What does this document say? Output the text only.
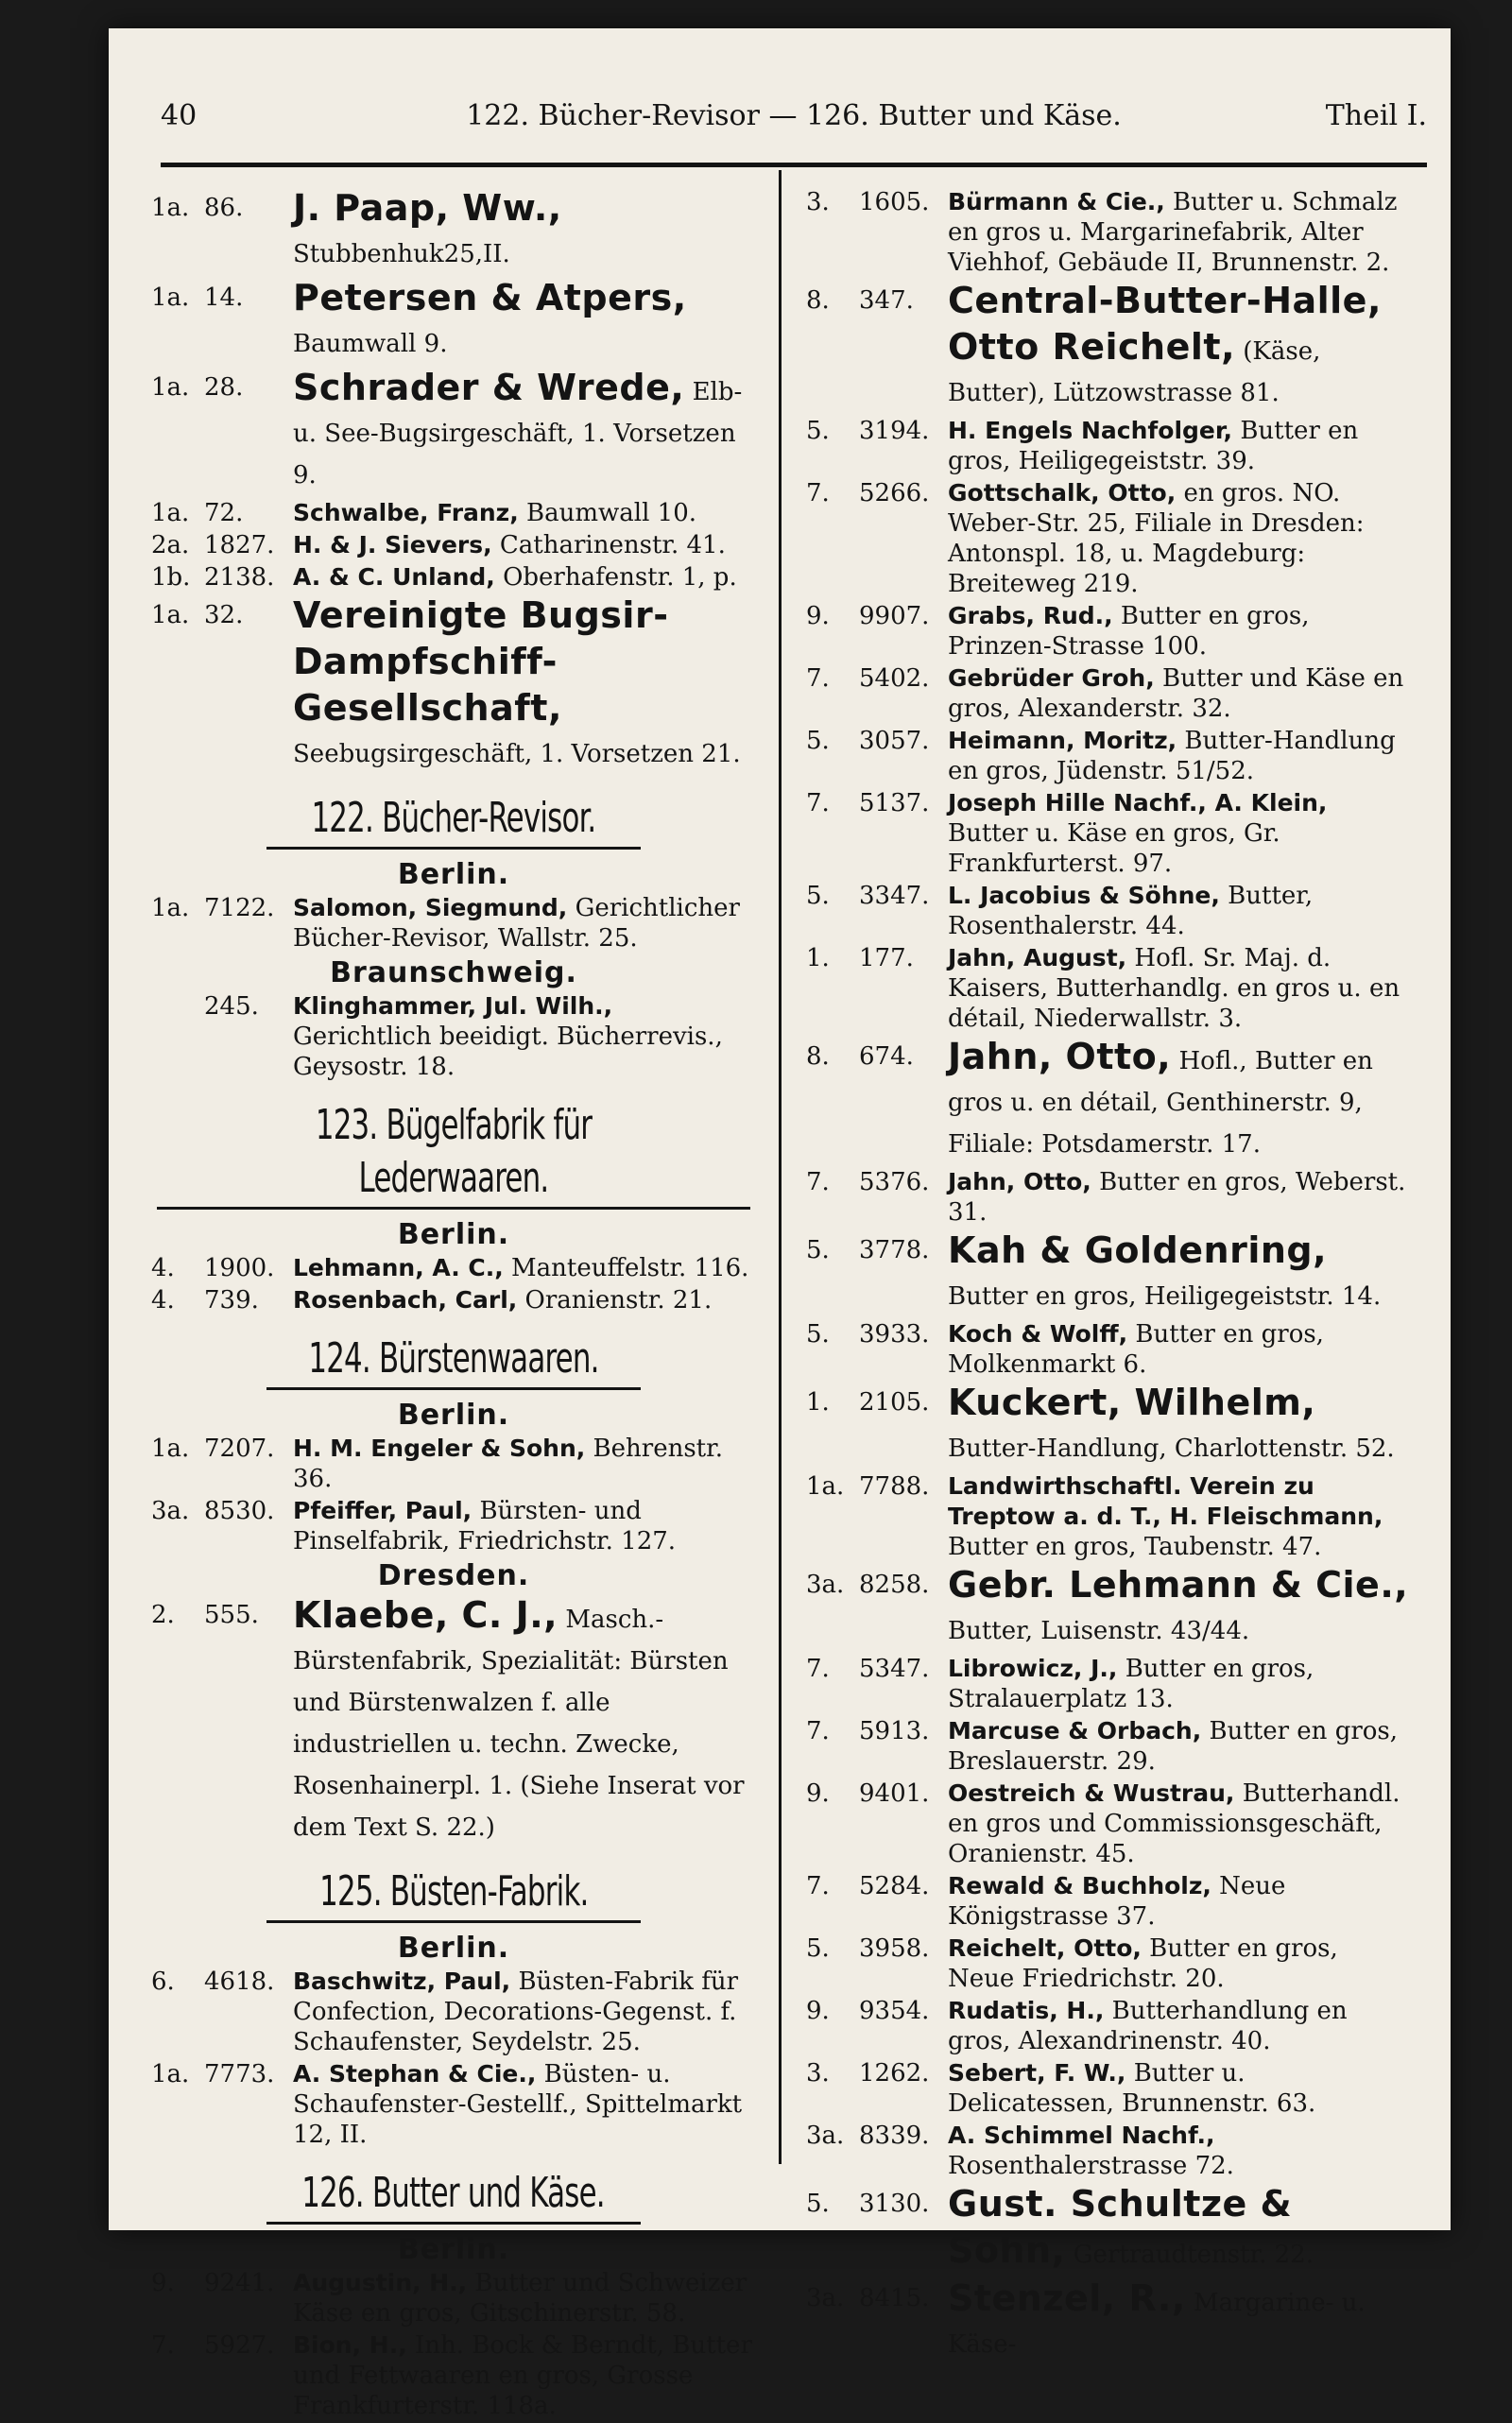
40	122. Bücher-Revisor — 126. Butter und Käse.	Theil I.
1a. 86.	J. Paap, Ww., Stubbenhuk25,II.
1a. 14.	Petersen & Atpers, Baumwall 9.
1a. 28.	Schrader & Wrede, Elb- u. See-Bugsirgeschäft, 1. Vorsetzen 9.
1a. 72.	Schwalbe, Franz, Baumwall 10.
2a. 1827. H. & J. Sievers, Catharinenstr. 41.
1b. 2138. A. & C. Unland, Oberhafenstr. 1, p.
1a. 32.	Vereinigte Bugsir-Dampfschiff-Gesellschaft, Seebugsirgeschäft, 1. Vorsetzen 21.
122. Bücher-Revisor.
Berlin.
1a. 7122. Salomon, Siegmund, Gerichtlicher Bücher-Revisor, Wallstr. 25.
Braunschweig.
245.	Klinghammer, Jul. Wilh., Gerichtlich beeidigt. Bücherrevis., Geysostr. 18.
123. Bügelfabrik für Lederwaaren.
Berlin.
4. 1900. Lehmann, A. C., Manteuffelstr. 116.
4. 739.	Rosenbach, Carl, Oranienstr. 21.
124. Bürstenwaaren.
Berlin.
1a. 7207. H. M. Engeler & Sohn, Behrenstr. 36.
3a. 8530. Pfeiffer, Paul, Bürsten- und Pinselfabrik, Friedrichstr. 127.
Dresden.
2. 555. Klaebe, C. J., Masch.-Bürstenfabrik, Spezialität: Bürsten und Bürstenwalzen f. alle industriellen u. techn. Zwecke, Rosenhainerpl. 1. (Siehe Inserat vor dem Text S. 22.)
125. Büsten-Fabrik.
Berlin.
6. 4618. Baschwitz, Paul, Büsten-Fabrik für Confection, Decorations-Gegenst. f. Schaufenster, Seydelstr. 25.
1a. 7773. A. Stephan & Cie., Büsten- u. Schaufenster-Gestellf., Spittelmarkt 12, II.
126. Butter und Käse.
Berlin.
9. 9241. Augustin, H., Butter und Schweizer Käse en gros, Gitschinerstr. 58.
7. 5927. Bion, H., Inh. Bock & Berndt, Butter und Fettwaaren en gros, Grosse Frankfurterstr. 118a.
3. 1605. Bürmann & Cie., Butter u. Schmalz en gros u. Margarinefabrik, Alter Viehhof, Gebäude II, Brunnenstr. 2.
8. 347. Central-Butter-Halle, Otto Reichelt, (Käse, Butter), Lützowstrasse 81.
5. 3194. H. Engels Nachfolger, Butter en gros, Heiligegeiststr. 39.
7. 5266. Gottschalk, Otto, en gros. NO. Weber-Str. 25, Filiale in Dresden: Antonspl. 18, u. Magdeburg: Breiteweg 219.
9. 9907. Grabs, Rud., Butter en gros, Prinzen-Strasse 100.
7. 5402. Gebrüder Groh, Butter und Käse en gros, Alexanderstr. 32.
5. 3057. Heimann, Moritz, Butter-Handlung en gros, Jüdenstr. 51/52.
7. 5137. Joseph Hille Nachf., A. Klein, Butter u. Käse en gros, Gr. Frankfurterst. 97.
5. 3347. L. Jacobius & Söhne, Butter, Rosenthalerstr. 44.
1. 177.	Jahn, August, Hofl. Sr. Maj. d. Kaisers, Butterhandlg. en gros u. en détail, Niederwallstr. 3.
8. 674. Jahn, Otto, Hofl., Butter en gros u. en détail, Genthinerstr. 9, Filiale: Potsdamerstr. 17.
7. 5376. Jahn, Otto, Butter en gros, Weberst. 31.
5. 3778. Kah & Goldenring, Butter en gros, Heiligegeiststr. 14.
5. 3933. Koch & Wolff, Butter en gros, Molkenmarkt 6.
1. 2105. Kuckert, Wilhelm, Butter-Handlung, Charlottenstr. 52.
1a. 7788. Landwirthschaftl. Verein zu Treptow a. d. T., H. Fleischmann, Butter en gros, Taubenstr. 47.
3a. 8258. Gebr. Lehmann & Cie., Butter, Luisenstr. 43/44.
7. 5347. Librowicz, J., Butter en gros, Stralauerplatz 13.
7. 5913. Marcuse & Orbach, Butter en gros, Breslauerstr. 29.
9. 9401. Oestreich & Wustrau, Butterhandl. en gros und Commissionsgeschäft, Oranienstr. 45.
7. 5284. Rewald & Buchholz, Neue Königstrasse 37.
5. 3958. Reichelt, Otto, Butter en gros, Neue Friedrichstr. 20.
9. 9354. Rudatis, H., Butterhandlung en gros, Alexandrinenstr. 40.
3. 1262. Sebert, F. W., Butter u. Delicatessen, Brunnenstr. 63.
3a. 8339. A. Schimmel Nachf., Rosenthalerstrasse 72.
5. 3130. Gust. Schultze & Sohn, Gertraudtenstr. 22.
3a. 8415. Stenzel, R., Margarine- u. Käse-
